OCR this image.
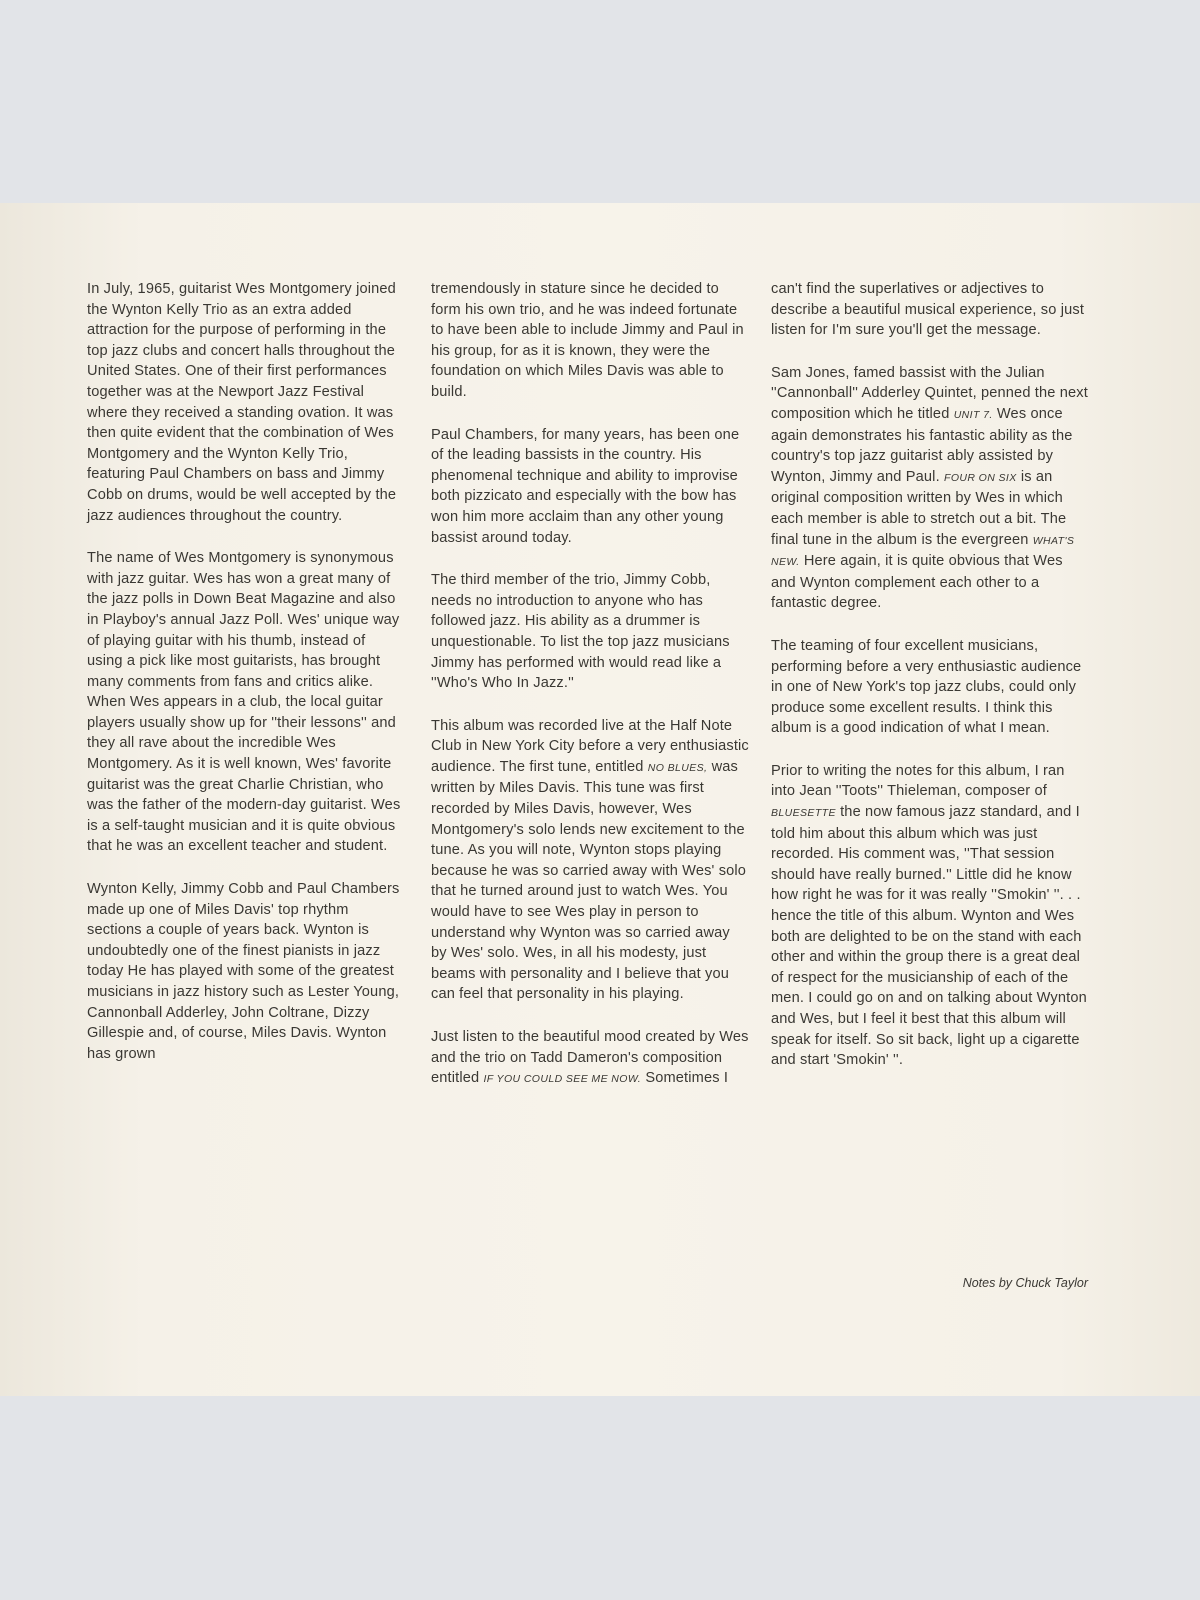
In July, 1965, guitarist Wes Montgomery joined the Wynton Kelly Trio as an extra added attraction for the purpose of performing in the top jazz clubs and concert halls throughout the United States. One of their first performances together was at the Newport Jazz Festival where they received a standing ovation. It was then quite evident that the combination of Wes Montgomery and the Wynton Kelly Trio, featuring Paul Chambers on bass and Jimmy Cobb on drums, would be well accepted by the jazz audiences throughout the country.

The name of Wes Montgomery is synonymous with jazz guitar. Wes has won a great many of the jazz polls in Down Beat Magazine and also in Playboy's annual Jazz Poll. Wes' unique way of playing guitar with his thumb, instead of using a pick like most guitarists, has brought many comments from fans and critics alike. When Wes appears in a club, the local guitar players usually show up for ''their lessons'' and they all rave about the incredible Wes Montgomery. As it is well known, Wes' favorite guitarist was the great Charlie Christian, who was the father of the modern-day guitarist. Wes is a self-taught musician and it is quite obvious that he was an excellent teacher and student.

Wynton Kelly, Jimmy Cobb and Paul Chambers made up one of Miles Davis' top rhythm sections a couple of years back. Wynton is undoubtedly one of the finest pianists in jazz today He has played with some of the greatest musicians in jazz history such as Lester Young, Cannonball Adderley, John Coltrane, Dizzy Gillespie and, of course, Miles Davis. Wynton has grown

tremendously in stature since he decided to form his own trio, and he was indeed fortunate to have been able to include Jimmy and Paul in his group, for as it is known, they were the foundation on which Miles Davis was able to build.

Paul Chambers, for many years, has been one of the leading bassists in the country. His phenomenal technique and ability to improvise both pizzicato and especially with the bow has won him more acclaim than any other young bassist around today.

The third member of the trio, Jimmy Cobb, needs no introduction to anyone who has followed jazz. His ability as a drummer is unquestionable. To list the top jazz musicians Jimmy has performed with would read like a ''Who's Who In Jazz.''

This album was recorded live at the Half Note Club in New York City before a very enthusiastic audience. The first tune, entitled NO BLUES, was written by Miles Davis. This tune was first recorded by Miles Davis, however, Wes Montgomery's solo lends new excitement to the tune. As you will note, Wynton stops playing because he was so carried away with Wes' solo that he turned around just to watch Wes. You would have to see Wes play in person to understand why Wynton was so carried away by Wes' solo. Wes, in all his modesty, just beams with personality and I believe that you can feel that personality in his playing.

Just listen to the beautiful mood created by Wes and the trio on Tadd Dameron's composition entitled IF YOU COULD SEE ME NOW. Sometimes I

can't find the superlatives or adjectives to describe a beautiful musical experience, so just listen for I'm sure you'll get the message.

Sam Jones, famed bassist with the Julian ''Cannonball'' Adderley Quintet, penned the next composition which he titled UNIT 7. Wes once again demonstrates his fantastic ability as the country's top jazz guitarist ably assisted by Wynton, Jimmy and Paul. FOUR ON SIX is an original composition written by Wes in which each member is able to stretch out a bit. The final tune in the album is the evergreen WHAT'S NEW. Here again, it is quite obvious that Wes and Wynton complement each other to a fantastic degree.

The teaming of four excellent musicians, performing before a very enthusiastic audience in one of New York's top jazz clubs, could only produce some excellent results. I think this album is a good indication of what I mean.

Prior to writing the notes for this album, I ran into Jean ''Toots'' Thieleman, composer of BLUESETTE the now famous jazz standard, and I told him about this album which was just recorded. His comment was, ''That session should have really burned.'' Little did he know how right he was for it was really ''Smokin' ''. . . hence the title of this album. Wynton and Wes both are delighted to be on the stand with each other and within the group there is a great deal of respect for the musicianship of each of the men. I could go on and on talking about Wynton and Wes, but I feel it best that this album will speak for itself. So sit back, light up a cigarette and start 'Smokin' ''.

Notes by Chuck Taylor
